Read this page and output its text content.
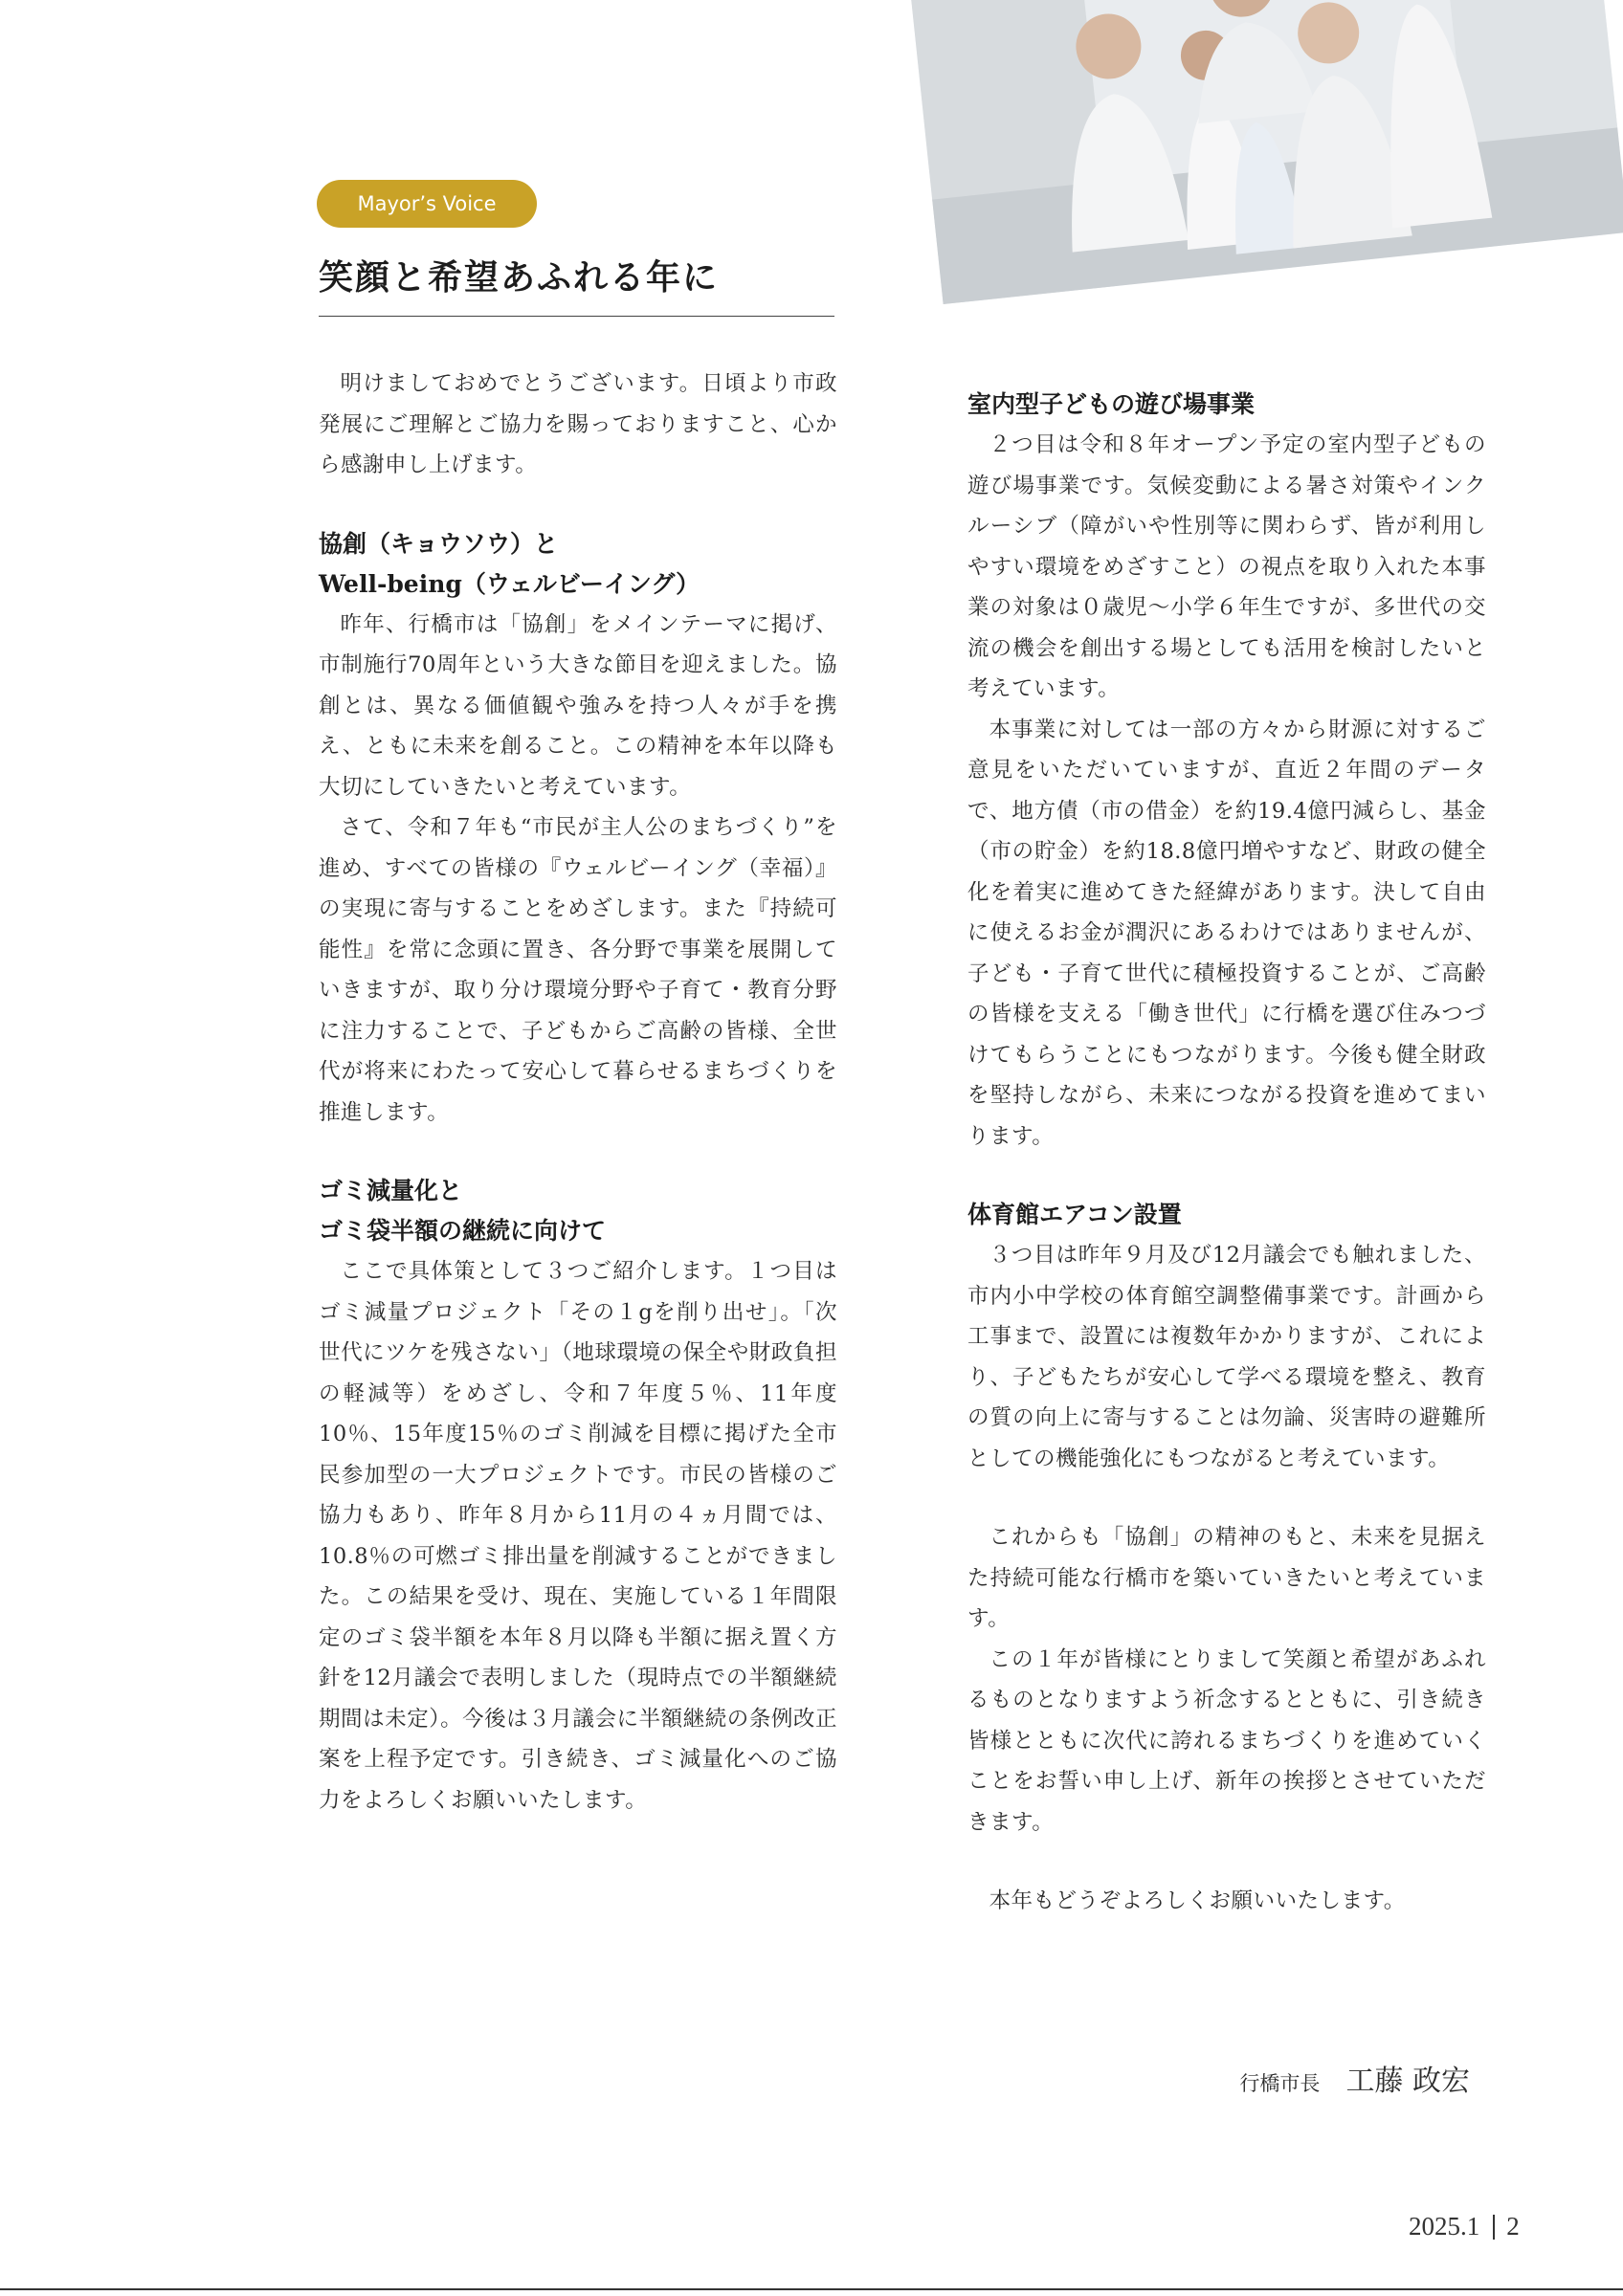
Mayor’s Voice
笑顔と希望あふれる年に

明けましておめでとうございます。日頃より市政発展にご理解とご協力を賜っておりますこと、心から感謝申し上げます。

協創（キョウソウ）と
Well-being（ウェルビーイング）

昨年、行橋市は「協創」をメインテーマに掲げ、市制施行70周年という大きな節目を迎えました。協創とは、異なる価値観や強みを持つ人々が手を携え、ともに未来を創ること。この精神を本年以降も大切にしていきたいと考えています。

さて、令和７年も“市民が主人公のまちづくり”を進め、すべての皆様の『ウェルビーイング（幸福）』の実現に寄与することをめざします。また『持続可能性』を常に念頭に置き、各分野で事業を展開していきますが、取り分け環境分野や子育て・教育分野に注力することで、子どもからご高齢の皆様、全世代が将来にわたって安心して暮らせるまちづくりを推進します。

ゴミ減量化と
ゴミ袋半額の継続に向けて

ここで具体策として３つご紹介します。１つ目はゴミ減量プロジェクト「その１gを削り出せ」。「次世代にツケを残さない」（地球環境の保全や財政負担の軽減等）をめざし、令和７年度５％、11年度10％、15年度15％のゴミ削減を目標に掲げた全市民参加型の一大プロジェクトです。市民の皆様のご協力もあり、昨年８月から11月の４ヵ月間では、10.8％の可燃ゴミ排出量を削減することができました。この結果を受け、現在、実施している１年間限定のゴミ袋半額を本年８月以降も半額に据え置く方針を12月議会で表明しました（現時点での半額継続期間は未定）。今後は３月議会に半額継続の条例改正案を上程予定です。引き続き、ゴミ減量化へのご協力をよろしくお願いいたします。

室内型子どもの遊び場事業

２つ目は令和８年オープン予定の室内型子どもの遊び場事業です。気候変動による暑さ対策やインクルーシブ（障がいや性別等に関わらず、皆が利用しやすい環境をめざすこと）の視点を取り入れた本事業の対象は０歳児〜小学６年生ですが、多世代の交流の機会を創出する場としても活用を検討したいと考えています。

本事業に対しては一部の方々から財源に対するご意見をいただいていますが、直近２年間のデータで、地方債（市の借金）を約19.4億円減らし、基金（市の貯金）を約18.8億円増やすなど、財政の健全化を着実に進めてきた経緯があります。決して自由に使えるお金が潤沢にあるわけではありませんが、子ども・子育て世代に積極投資することが、ご高齢の皆様を支える「働き世代」に行橋を選び住みつづけてもらうことにもつながります。今後も健全財政を堅持しながら、未来につながる投資を進めてまいります。

体育館エアコン設置

３つ目は昨年９月及び12月議会でも触れました、市内小中学校の体育館空調整備事業です。計画から工事まで、設置には複数年かかりますが、これにより、子どもたちが安心して学べる環境を整え、教育の質の向上に寄与することは勿論、災害時の避難所としての機能強化にもつながると考えています。

これからも「協創」の精神のもと、未来を見据えた持続可能な行橋市を築いていきたいと考えています。

この１年が皆様にとりまして笑顔と希望があふれるものとなりますよう祈念するとともに、引き続き皆様とともに次代に誇れるまちづくりを進めていくことをお誓い申し上げ、新年の挨拶とさせていただきます。

本年もどうぞよろしくお願いいたします。

行橋市長 工藤 政宏
2025.1 2
